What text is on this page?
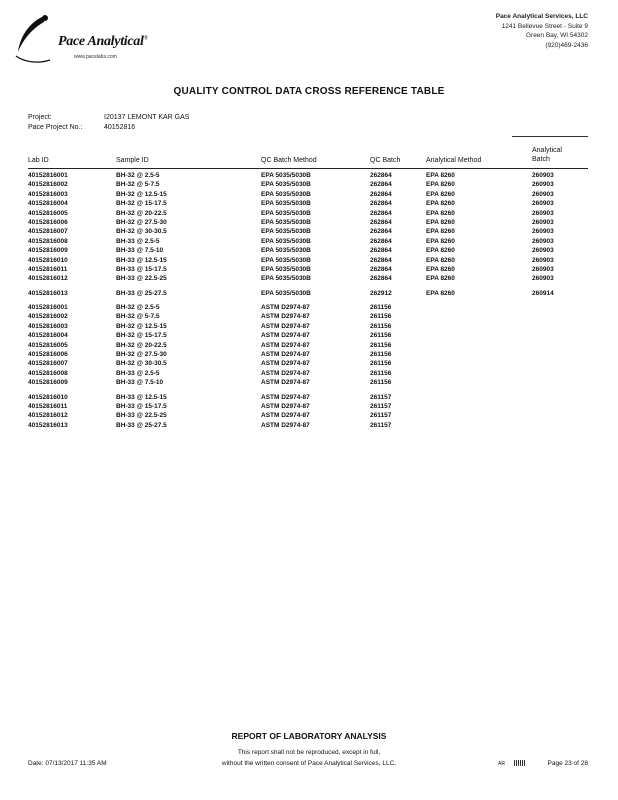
Pace Analytical®
www.pacelabs.com
Pace Analytical Services, LLC
1241 Bellevue Street - Suite 9
Green Bay, WI 54302
(920)469-2436
QUALITY CONTROL DATA CROSS REFERENCE TABLE
Project:	I20137 LEMONT KAR GAS
Pace Project No.:	40152816
Lab ID	Sample ID	QC Batch Method	QC Batch	Analytical Method
Analytical
Batch
40152816001	BH-32 @ 2.5-5	EPA 5035/5030B	262864	EPA 8260	260903
40152816002	BH-32 @ 5-7.5	EPA 5035/5030B	262864	EPA 8260	260903
40152816003	BH-32 @ 12.5-15	EPA 5035/5030B	262864	EPA 8260	260903
40152816004	BH-32 @ 15-17.5	EPA 5035/5030B	262864	EPA 8260	260903
40152816005	BH-32 @ 20-22.5	EPA 5035/5030B	262864	EPA 8260	260903
40152816006	BH-32 @ 27.5-30	EPA 5035/5030B	262864	EPA 8260	260903
40152816007	BH-32 @ 30-30.5	EPA 5035/5030B	262864	EPA 8260	260903
40152816008	BH-33 @ 2.5-5	EPA 5035/5030B	262864	EPA 8260	260903
40152816009	BH-33 @ 7.5-10	EPA 5035/5030B	262864	EPA 8260	260903
40152816010	BH-33 @ 12.5-15	EPA 5035/5030B	262864	EPA 8260	260903
40152816011	BH-33 @ 15-17.5	EPA 5035/5030B	262864	EPA 8260	260903
40152816012	BH-33 @ 22.5-25	EPA 5035/5030B	262864	EPA 8260	260903
40152816013	BH-33 @ 25-27.5	EPA 5035/5030B	262912	EPA 8260	260914
40152816001	BH-32 @ 2.5-5	ASTM D2974-87	261156
40152816002	BH-32 @ 5-7.5	ASTM D2974-87	261156
40152816003	BH-32 @ 12.5-15	ASTM D2974-87	261156
40152816004	BH-32 @ 15-17.5	ASTM D2974-87	261156
40152816005	BH-32 @ 20-22.5	ASTM D2974-87	261156
40152816006	BH-32 @ 27.5-30	ASTM D2974-87	261156
40152816007	BH-32 @ 30-30.5	ASTM D2974-87	261156
40152816008	BH-33 @ 2.5-5	ASTM D2974-87	261156
40152816009	BH-33 @ 7.5-10	ASTM D2974-87	261156
40152816010	BH-33 @ 12.5-15	ASTM D2974-87	261157
40152816011	BH-33 @ 15-17.5	ASTM D2974-87	261157
40152816012	BH-33 @ 22.5-25	ASTM D2974-87	261157
40152816013	BH-33 @ 25-27.5	ASTM D2974-87	261157
REPORT OF LABORATORY ANALYSIS
This report shall not be reproduced, except in full,
without the written consent of Pace Analytical Services, LLC.
Date: 07/13/2017 11:35 AM	AR	Page 23 of 28
